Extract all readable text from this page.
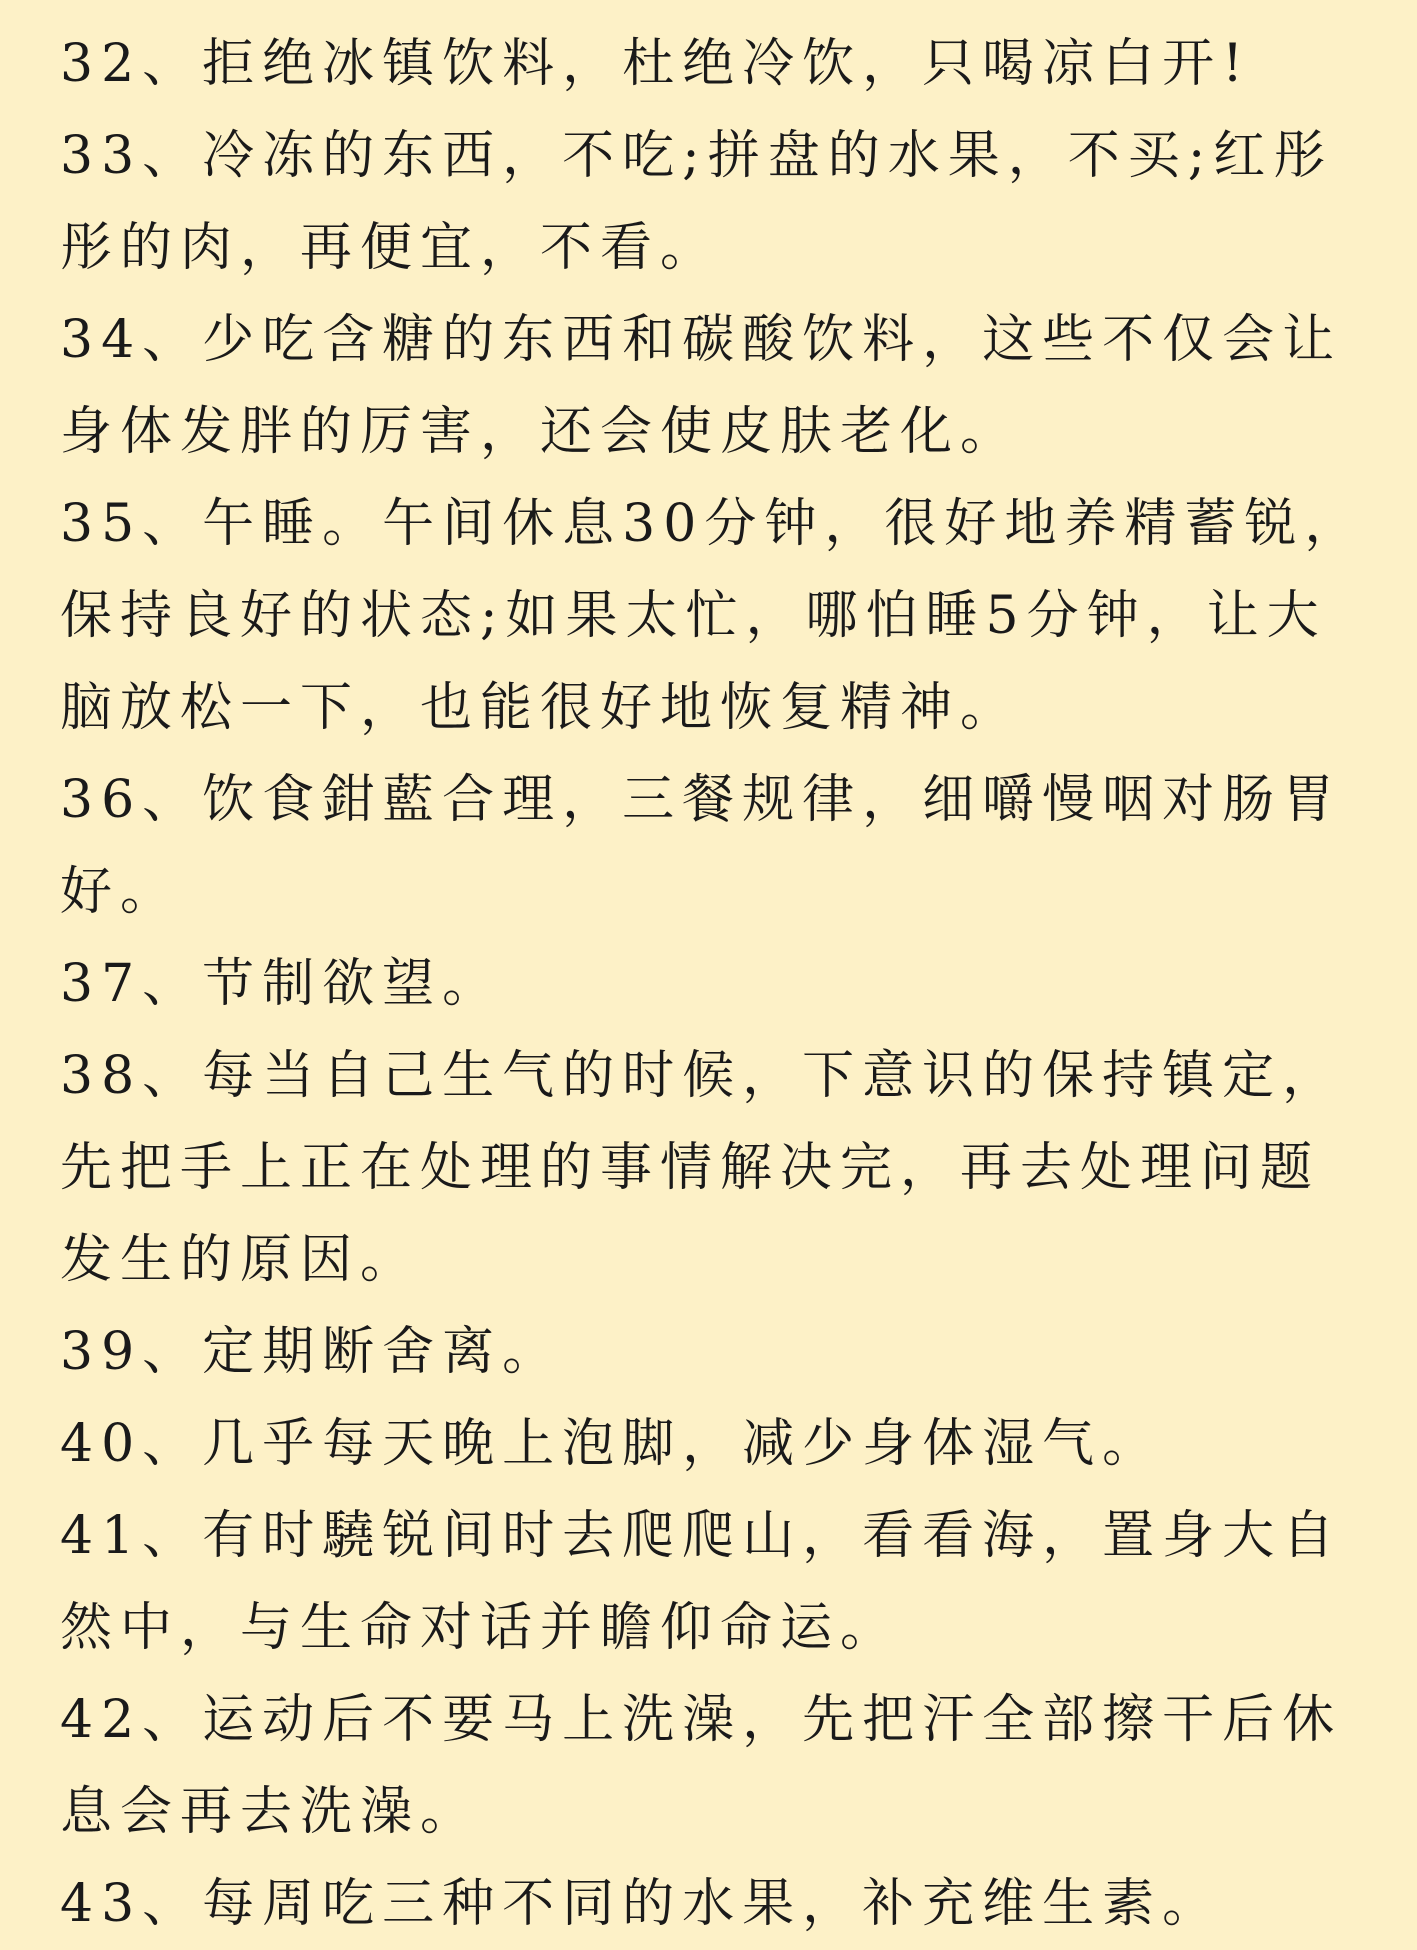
32、拒绝冰镇饮料，杜绝冷饮，只喝凉白开!
33、冷冻的东西，不吃;拼盘的水果，不买;红彤彤的肉，再便宜，不看。
34、少吃含糖的东西和碳酸饮料，这些不仅会让身体发胖的厉害，还会使皮肤老化。
35、午睡。午间休息30分钟，很好地养精蓄锐，保持良好的状态;如果太忙，哪怕睡5分钟，让大脑放松一下，也能很好地恢复精神。
36、饮食鉗藍合理，三餐规律，细嚼慢咽对肠胃好。
37、节制欲望。
38、每当自己生气的时候，下意识的保持镇定，先把手上正在处理的事情解决完，再去处理问题发生的原因。
39、定期断舍离。
40、几乎每天晚上泡脚，减少身体湿气。
41、有时驍锐间时去爬爬山，看看海，置身大自然中，与生命对话并瞻仰命运。
42、运动后不要马上洗澡，先把汗全部擦干后休息会再去洗澡。
43、每周吃三种不同的水果，补充维生素。
